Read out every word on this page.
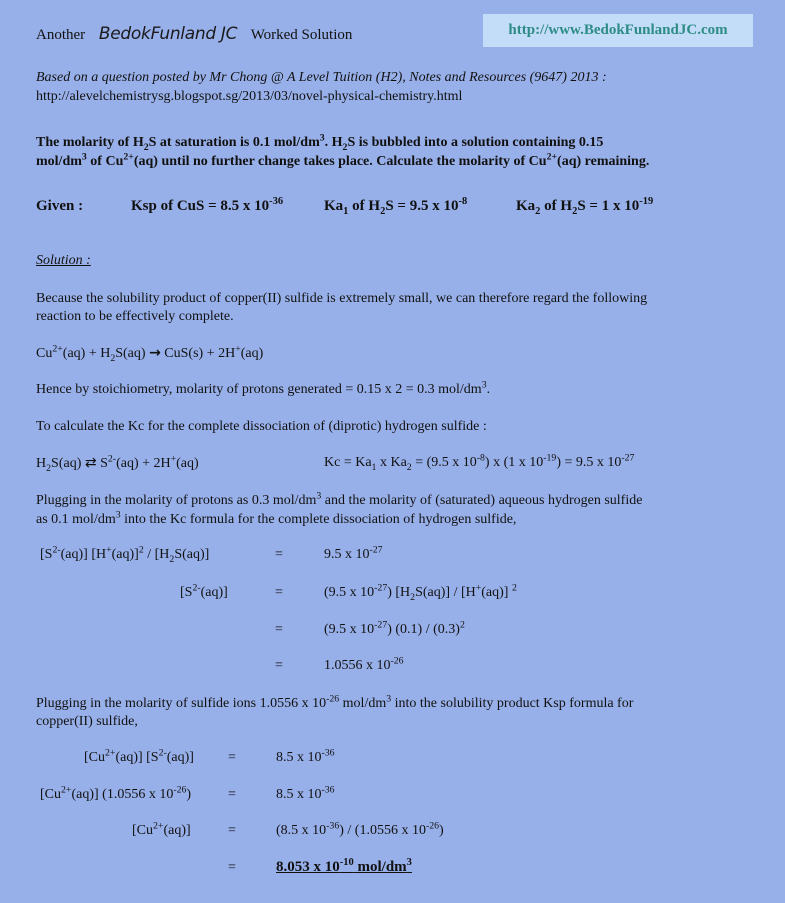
Another BedokFunland JC Worked Solution	http://www.BedokFunlandJC.com
Based on a question posted by Mr Chong @ A Level Tuition (H2), Notes and Resources (9647) 2013 :
http://alevelchemistrysg.blogspot.sg/2013/03/novel-physical-chemistry.html
The molarity of $H_2S$ at saturation is 0.1 mol/$dm^3$. $H_2S$ is bubbled into a solution containing 0.15
mol/$dm^3$ of $Cu^{2+}(aq)$ until no further change takes place. Calculate the molarity of $Cu^{2+}(aq)$ remaining.
Given :	Ksp of CuS = 8.5 x $10^{-36}$	$Ka_1$ of $H_2S = 9.5$ x $10^{-8}$	$Ka_2$ of $H_2S = 1$ x $10^{-19}$
Solution :
Because the solubility product of copper(II) sulfide is extremely small, we can therefore regard the following
reaction to be effectively complete.
$Cu^{2+}(aq) + H_2S(aq) \to CuS(s) + 2H^+(aq)$
Hence by stoichiometry, molarity of protons generated = 0.15 x 2 = 0.3 mol/$dm^3$.
To calculate the Kc for the complete dissociation of (diprotic) hydrogen sulfide :
$H_2S(aq)$ ⇄ $S^{2-}(aq) + 2H^+(aq)$	$Kc = Ka_1$ x $Ka_2 = (9.5$ x $10^{-8}$) x (1 x $10^{-19}) = 9.5$ x $10^{-27}$
Plugging in the molarity of protons as 0.3 mol/$dm^3$ and the molarity of (saturated) aqueous hydrogen sulfide
as 0.1 mol/$dm^3$ into the Kc formula for the complete dissociation of hydrogen sulfide,
$[S^{2-}(aq)]$ $[H^+(aq)]^2 / [H_2S(aq)]$	=	9.5 x $10^{-27}$
$[S^{2-}(aq)]$	=	(9.5 x $10^{-27}$) $[H_2S(aq)] / [H^+(aq)]$ $^2$
=	(9.5 x $10^{-27}$) $(0.1) / (0.3)^2$
=	1.0556 x $10^{-26}$
Plugging in the molarity of sulfide ions 1.0556 x $10^{-26}$ mol/$dm^3$ into the solubility product Ksp formula for
copper(II) sulfide,
$[Cu^{2+}(aq)] [S^{2-}(aq)]$ =	8.5 x $10^{-36}$
$[Cu^{2+}(aq)]$ (1.0556 x $10^{-26}$)	=	8.5 x $10^{-36}$
$[Cu^{2+}(aq)]$	=	(8.5 x $10^{-36}) / (1.0556$ x $10^{-26}$)
=	8.053 x $10^{-10}$ mol/$dm^3$
